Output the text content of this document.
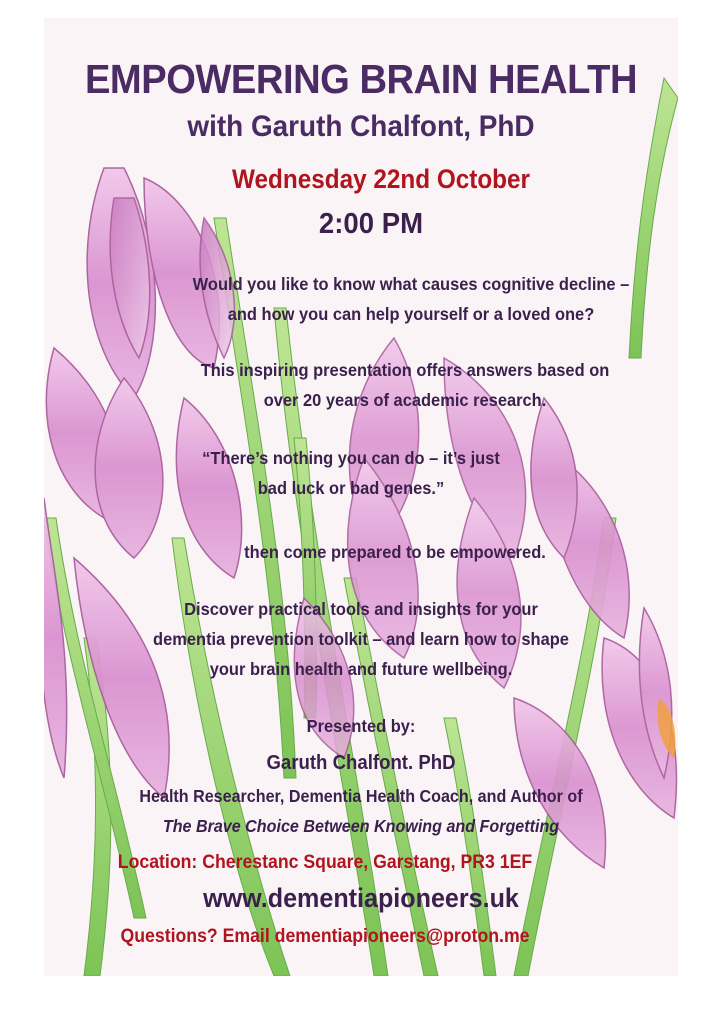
EMPOWERING BRAIN HEALTH
with Garuth Chalfont, PhD
Wednesday 22nd October
2:00 PM
Would you like to know what causes cognitive decline –
and how you can help yourself or a loved one?
This inspiring presentation offers answers based on
over 20 years of academic research.
“There’s nothing you can do – it’s just
bad luck or bad genes.”
then come prepared to be empowered.
Discover practical tools and insights for your
dementia prevention toolkit – and learn how to shape
your brain health and future wellbeing.
Presented by:
Garuth Chalfont. PhD
Health Researcher, Dementia Health Coach, and Author of
The Brave Choice Between Knowing and Forgetting
Location: Cherestanc Square, Garstang, PR3 1EF
www.dementiapioneers.uk
Questions? Email dementiapioneers@proton.me
